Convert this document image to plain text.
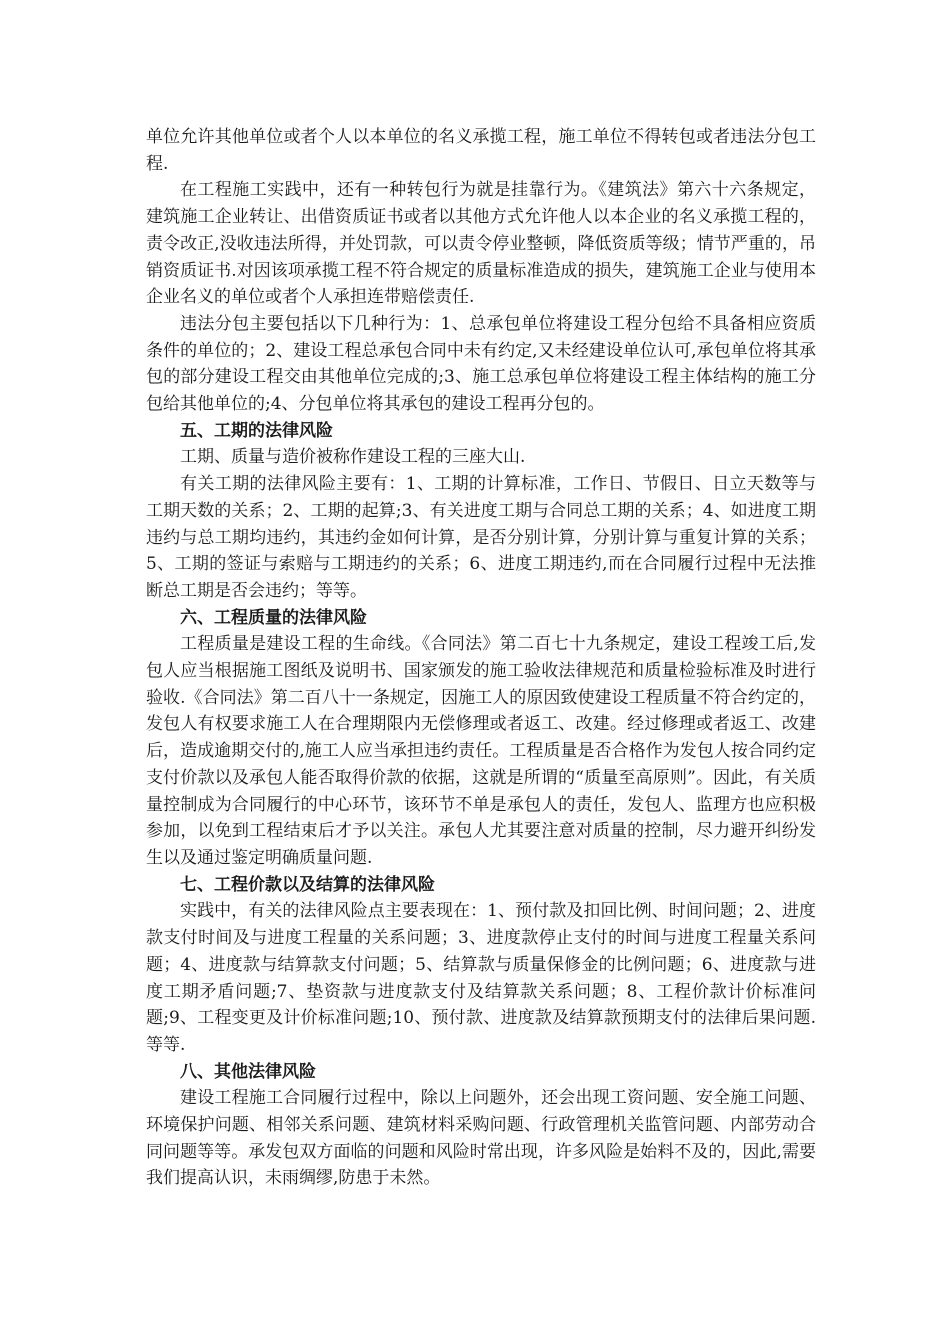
单位允许其他单位或者个人以本单位的名义承揽工程，施工单位不得转包或者违法分包工程.

在工程施工实践中，还有一种转包行为就是挂靠行为。《建筑法》第六十六条规定，建筑施工企业转让、出借资质证书或者以其他方式允许他人以本企业的名义承揽工程的，责令改正,没收违法所得，并处罚款，可以责令停业整顿，降低资质等级；情节严重的，吊销资质证书.对因该项承揽工程不符合规定的质量标准造成的损失，建筑施工企业与使用本企业名义的单位或者个人承担连带赔偿责任.

违法分包主要包括以下几种行为：1、总承包单位将建设工程分包给不具备相应资质条件的单位的；2、建设工程总承包合同中未有约定,又未经建设单位认可,承包单位将其承包的部分建设工程交由其他单位完成的;3、施工总承包单位将建设工程主体结构的施工分包给其他单位的;4、分包单位将其承包的建设工程再分包的。

五、工期的法律风险

工期、质量与造价被称作建设工程的三座大山.

有关工期的法律风险主要有：1、工期的计算标准，工作日、节假日、日立天数等与工期天数的关系；2、工期的起算;3、有关进度工期与合同总工期的关系；4、如进度工期违约与总工期均违约，其违约金如何计算，是否分别计算，分别计算与重复计算的关系；5、工期的签证与索赔与工期违约的关系；6、进度工期违约,而在合同履行过程中无法推断总工期是否会违约；等等。

六、工程质量的法律风险

工程质量是建设工程的生命线。《合同法》第二百七十九条规定，建设工程竣工后,发包人应当根据施工图纸及说明书、国家颁发的施工验收法律规范和质量检验标准及时进行验收.《合同法》第二百八十一条规定，因施工人的原因致使建设工程质量不符合约定的，发包人有权要求施工人在合理期限内无偿修理或者返工、改建。经过修理或者返工、改建后，造成逾期交付的,施工人应当承担违约责任。工程质量是否合格作为发包人按合同约定支付价款以及承包人能否取得价款的依据，这就是所谓的“质量至高原则”。因此，有关质量控制成为合同履行的中心环节，该环节不单是承包人的责任，发包人、监理方也应积极参加，以免到工程结束后才予以关注。承包人尤其要注意对质量的控制，尽力避开纠纷发生以及通过鉴定明确质量问题.

七、工程价款以及结算的法律风险

实践中，有关的法律风险点主要表现在：1、预付款及扣回比例、时间问题；2、进度款支付时间及与进度工程量的关系问题；3、进度款停止支付的时间与进度工程量关系问题；4、进度款与结算款支付问题；5、结算款与质量保修金的比例问题；6、进度款与进度工期矛盾问题;7、垫资款与进度款支付及结算款关系问题；8、工程价款计价标准问题;9、工程变更及计价标准问题;10、预付款、进度款及结算款预期支付的法律后果问题.等等.

八、其他法律风险

建设工程施工合同履行过程中，除以上问题外，还会出现工资问题、安全施工问题、环境保护问题、相邻关系问题、建筑材料采购问题、行政管理机关监管问题、内部劳动合同问题等等。承发包双方面临的问题和风险时常出现，许多风险是始料不及的，因此,需要我们提高认识，未雨绸缪,防患于未然。
